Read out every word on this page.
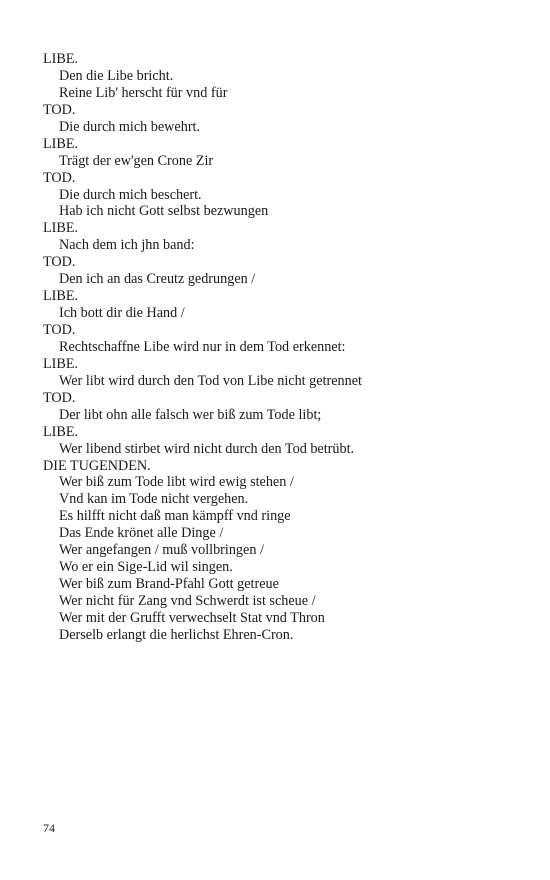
LIBE.
Den die Libe bricht.
Reine Lib' herscht für vnd für
TOD.
Die durch mich bewehrt.
LIBE.
Trägt der ew'gen Crone Zir
TOD.
Die durch mich beschert.
Hab ich nicht Gott selbst bezwungen
LIBE.
Nach dem ich jhn band:
TOD.
Den ich an das Creutz gedrungen /
LIBE.
Ich bott dir die Hand /
TOD.
Rechtschaffne Libe wird nur in dem Tod erkennet:
LIBE.
Wer libt wird durch den Tod von Libe nicht getrennet
TOD.
Der libt ohn alle falsch wer biß zum Tode libt;
LIBE.
Wer libend stirbet wird nicht durch den Tod betrübt.
DIE TUGENDEN.
Wer biß zum Tode libt wird ewig stehen /
Vnd kan im Tode nicht vergehen.
Es hilfft nicht daß man kämpff vnd ringe
Das Ende krönet alle Dinge /
Wer angefangen / muß vollbringen /
Wo er ein Sige-Lid wil singen.
Wer biß zum Brand-Pfahl Gott getreue
Wer nicht für Zang vnd Schwerdt ist scheue /
Wer mit der Grufft verwechselt Stat vnd Thron
Derselb erlangt die herlichst Ehren-Cron.
74
